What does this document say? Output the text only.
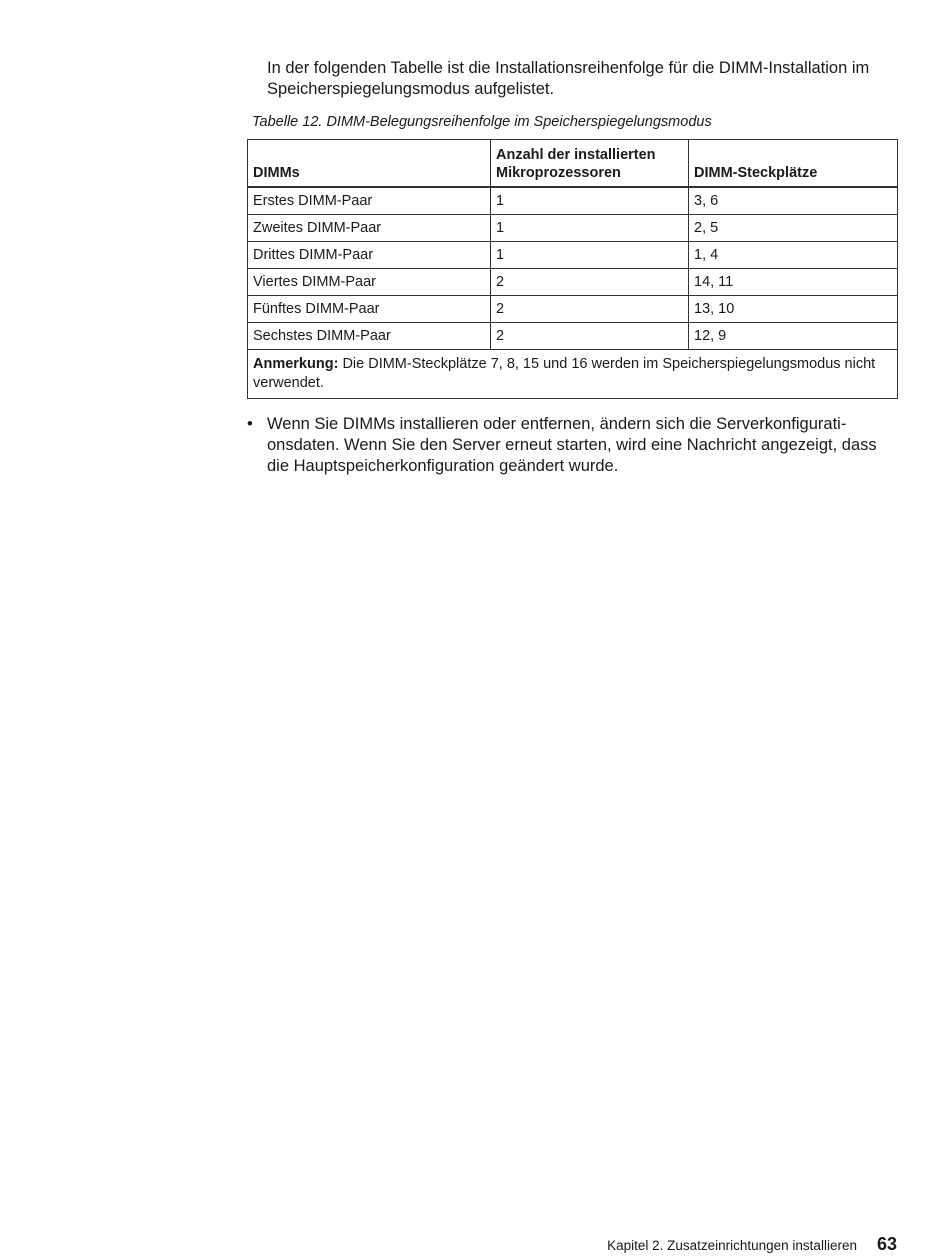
In der folgenden Tabelle ist die Installationsreihenfolge für die DIMM-Installation im Speicherspiegelungsmodus aufgelistet.

Tabelle 12. DIMM-Belegungsreihenfolge im Speicherspiegelungsmodus

DIMMs	Anzahl der installierten Mikroprozessoren	DIMM-Steckplätze
Erstes DIMM-Paar	1	3, 6
Zweites DIMM-Paar	1	2, 5
Drittes DIMM-Paar	1	1, 4
Viertes DIMM-Paar	2	14, 11
Fünftes DIMM-Paar	2	13, 10
Sechstes DIMM-Paar	2	12, 9
Anmerkung: Die DIMM-Steckplätze 7, 8, 15 und 16 werden im Speicherspiegelungsmodus nicht verwendet.		
• Wenn Sie DIMMs installieren oder entfernen, ändern sich die Serverkonfigurati-onsdaten. Wenn Sie den Server erneut starten, wird eine Nachricht angezeigt, dass die Hauptspeicherkonfiguration geändert wurde.
Kapitel 2. Zusatzeinrichtungen installieren 63
